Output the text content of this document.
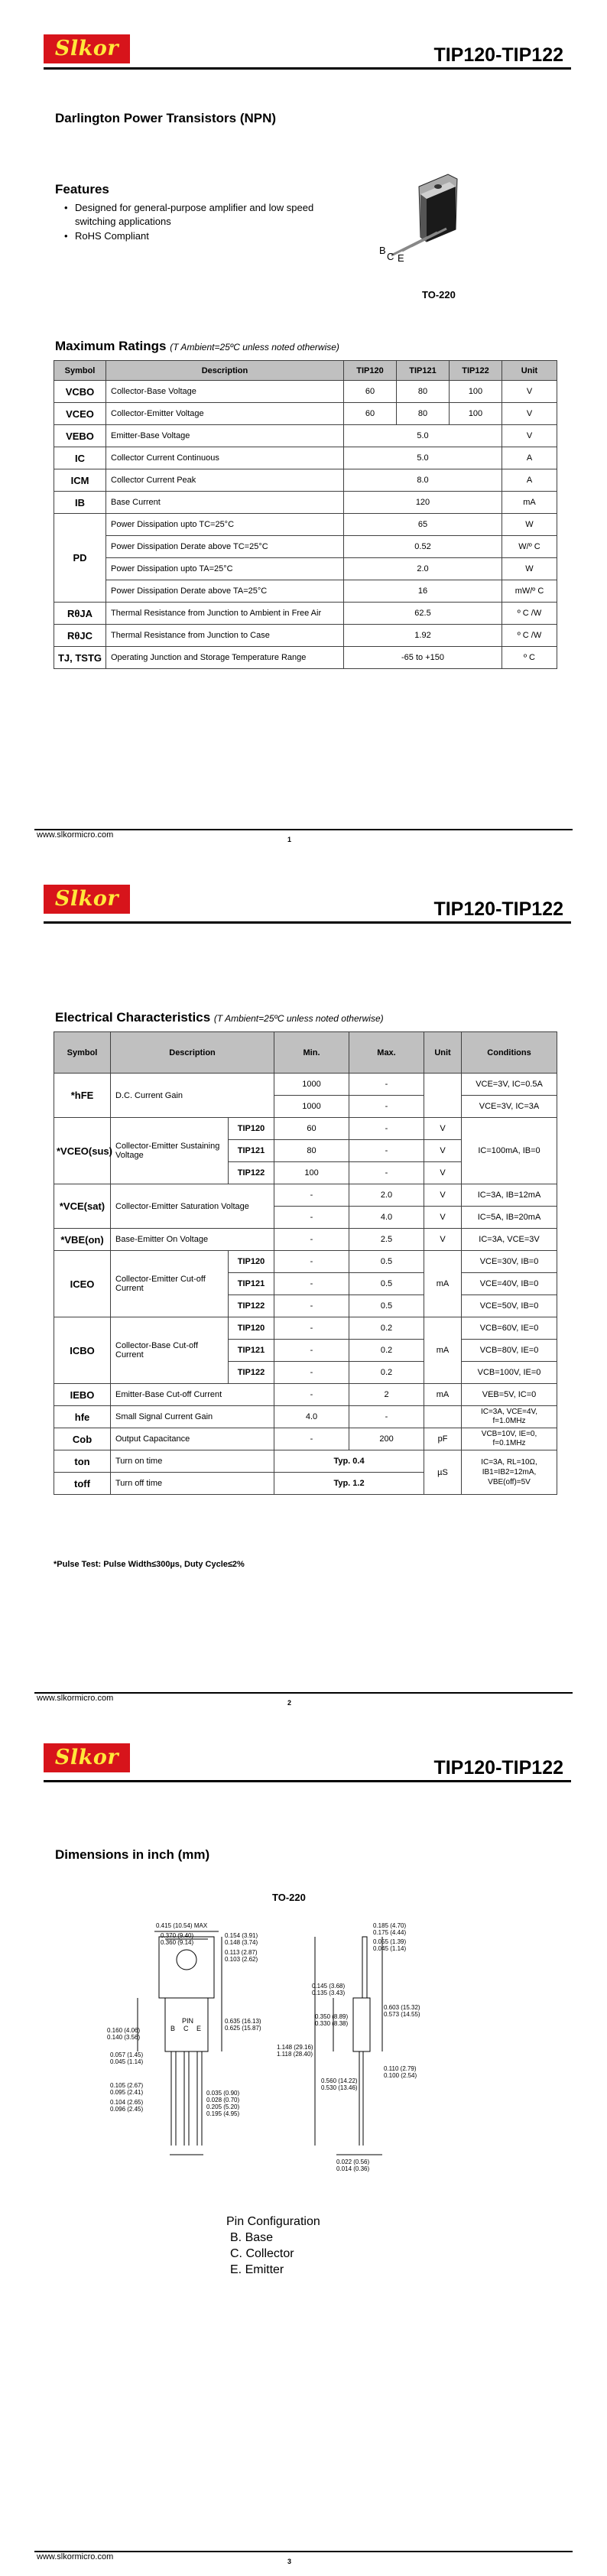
Slkor	TIP120-TIP122
Darlington Power Transistors (NPN)
Features
• Designed for general-purpose amplifier and low speed switching applications
• RoHS Compliant
B
C E
TO-220
Maximum Ratings (T Ambient=25ºC unless noted otherwise)
Symbol	Description	TIP120	TIP121	TIP122	Unit
VCBO	Collector-Base Voltage	60	80	100	V
VCEO	Collector-Emitter Voltage	60	80	100	V
VEBO	Emitter-Base Voltage	5.0			V
IC	Collector Current Continuous	5.0			A
ICM	Collector Current Peak	8.0			A
IB	Base Current	120			mA
PD	Power Dissipation upto TC=25°C	65			W
	Power Dissipation Derate above TC=25°C	0.52			W/º C
	Power Dissipation upto TA=25°C	2.0			W
	Power Dissipation Derate above TA=25°C	16			mW/º C
RθJA	Thermal Resistance from Junction to Ambient in Free Air	62.5			º C /W
RθJC	Thermal Resistance from Junction to Case	1.92			º C /W
TJ, TSTG	Operating Junction and Storage Temperature Range	-65 to +150			º C
www.slkormicro.com	1
Slkor	TIP120-TIP122
Electrical Characteristics (T Ambient=25ºC unless noted otherwise)
Symbol	Description		Min.	Max.	Unit	Conditions
*hFE	D.C. Current Gain		1000	-		VCE=3V, IC=0.5A
			1000	-		VCE=3V, IC=3A
*VCEO(sus)	Collector-Emitter Sustaining Voltage	TIP120	60	-	V	IC=100mA, IB=0
		TIP121	80	-	V	
		TIP122	100	-	V	
*VCE(sat)	Collector-Emitter Saturation Voltage		-	2.0	V	IC=3A, IB=12mA
			-	4.0	V	IC=5A, IB=20mA
*VBE(on)	Base-Emitter On Voltage		-	2.5	V	IC=3A, VCE=3V
ICEO	Collector-Emitter Cut-off Current	TIP120	-	0.5	mA	VCE=30V, IB=0
		TIP121	-	0.5		VCE=40V, IB=0
		TIP122	-	0.5		VCE=50V, IB=0
ICBO	Collector-Base Cut-off Current	TIP120	-	0.2	mA	VCB=60V, IE=0
		TIP121	-	0.2		VCB=80V, IE=0
		TIP122	-	0.2		VCB=100V, IE=0
IEBO	Emitter-Base Cut-off Current		-	2	mA	VEB=5V, IC=0
hfe	Small Signal Current Gain		4.0	-		IC=3A, VCE=4V, f=1.0MHz
Cob	Output Capacitance		-	200	pF	VCB=10V, IE=0, f=0.1MHz
ton	Turn on time		Typ. 0.4		µS	IC=3A, RL=10Ω, IB1=IB2=12mA, VBE(off)=5V
toff	Turn off time		Typ. 1.2			
*Pulse Test: Pulse Width≤300µs, Duty Cycle≤2%
www.slkormicro.com	2
Slkor	TIP120-TIP122
Dimensions in inch (mm)
TO-220
0.415 (10.54) MAX
0.370 (9.40)
0.360 (9.14)
0.154 (3.91)
0.148 (3.74)
0.113 (2.87)
0.103 (2.62)
0.635 (16.13)
0.625 (15.87)
0.160 (4.06)
0.140 (3.56)
0.057 (1.45)
0.045 (1.14)
0.105 (2.67)
0.095 (2.41)
0.104 (2.65)
0.096 (2.45)
0.035 (0.90)
0.028 (0.70)
0.205 (5.20)
0.195 (4.95)
PIN
B C E
0.185 (4.70)
0.175 (4.44)
0.055 (1.39)
0.045 (1.14)
0.145 (3.68)
0.135 (3.43)
0.603 (15.32)
0.573 (14.55)
0.350 (8.89)
0.330 (8.38)
1.148 (29.16)
1.118 (28.40)
0.110 (2.79)
0.100 (2.54)
0.560 (14.22)
0.530 (13.46)
0.022 (0.56)
0.014 (0.36)
Pin Configuration
B. Base
C. Collector
E. Emitter
www.slkormicro.com	3
